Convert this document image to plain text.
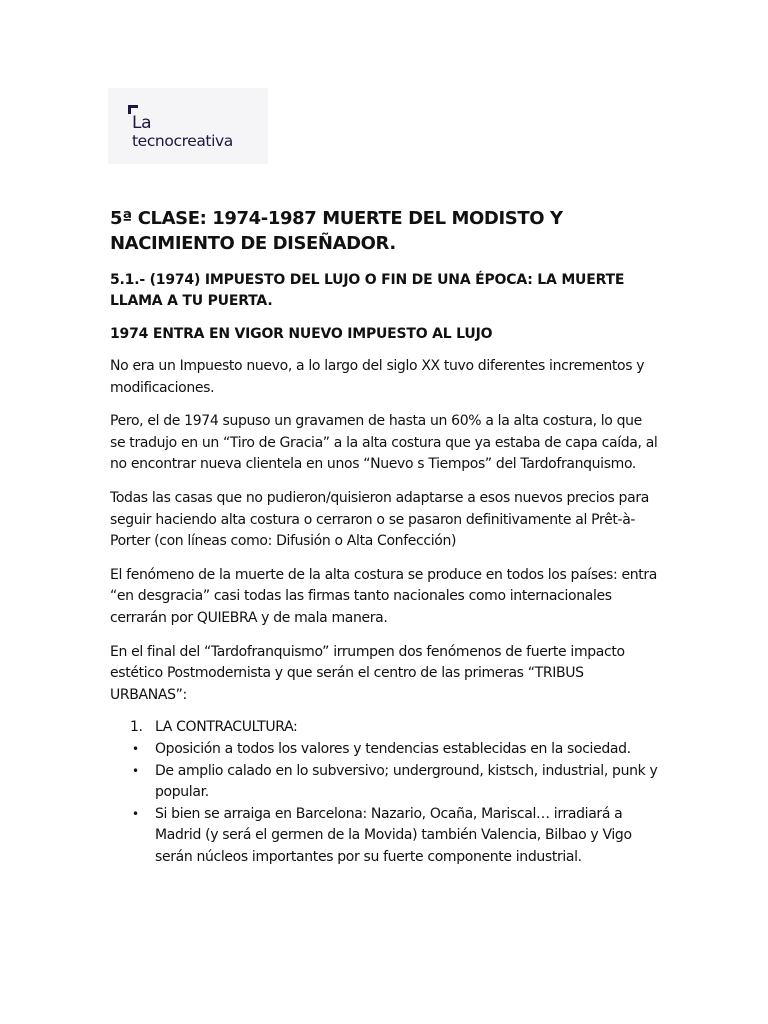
La
tecnocreativa
5ª CLASE: 1974-1987 MUERTE DEL MODISTO Y NACIMIENTO DE DISEÑADOR.
5.1.- (1974) IMPUESTO DEL LUJO O FIN DE UNA ÉPOCA: LA MUERTE LLAMA A TU PUERTA.
1974 ENTRA EN VIGOR NUEVO IMPUESTO AL LUJO

No era un Impuesto nuevo, a lo largo del siglo XX tuvo diferentes incrementos y modificaciones.

Pero, el de 1974 supuso un gravamen de hasta un 60% a la alta costura, lo que se tradujo en un “Tiro de Gracia” a la alta costura que ya estaba de capa caída, al no encontrar nueva clientela en unos “Nuevo s Tiempos” del Tardofranquismo.

Todas las casas que no pudieron/quisieron adaptarse a esos nuevos precios para seguir haciendo alta costura o cerraron o se pasaron definitivamente al Prêt-à-Porter (con líneas como: Difusión o Alta Confección)

El fenómeno de la muerte de la alta costura se produce en todos los países: entra “en desgracia” casi todas las firmas tanto nacionales como internacionales cerrarán por QUIEBRA y de mala manera.

En el final del “Tardofranquismo” irrumpen dos fenómenos de fuerte impacto estético Postmodernista y que serán el centro de las primeras “TRIBUS URBANAS”:

1. LA CONTRACULTURA:
• Oposición a todos los valores y tendencias establecidas en la sociedad.
• De amplio calado en lo subversivo; underground, kistsch, industrial, punk y popular.
• Si bien se arraiga en Barcelona: Nazario, Ocaña, Mariscal… irradiará a Madrid (y será el germen de la Movida) también Valencia, Bilbao y Vigo serán núcleos importantes por su fuerte componente industrial.
